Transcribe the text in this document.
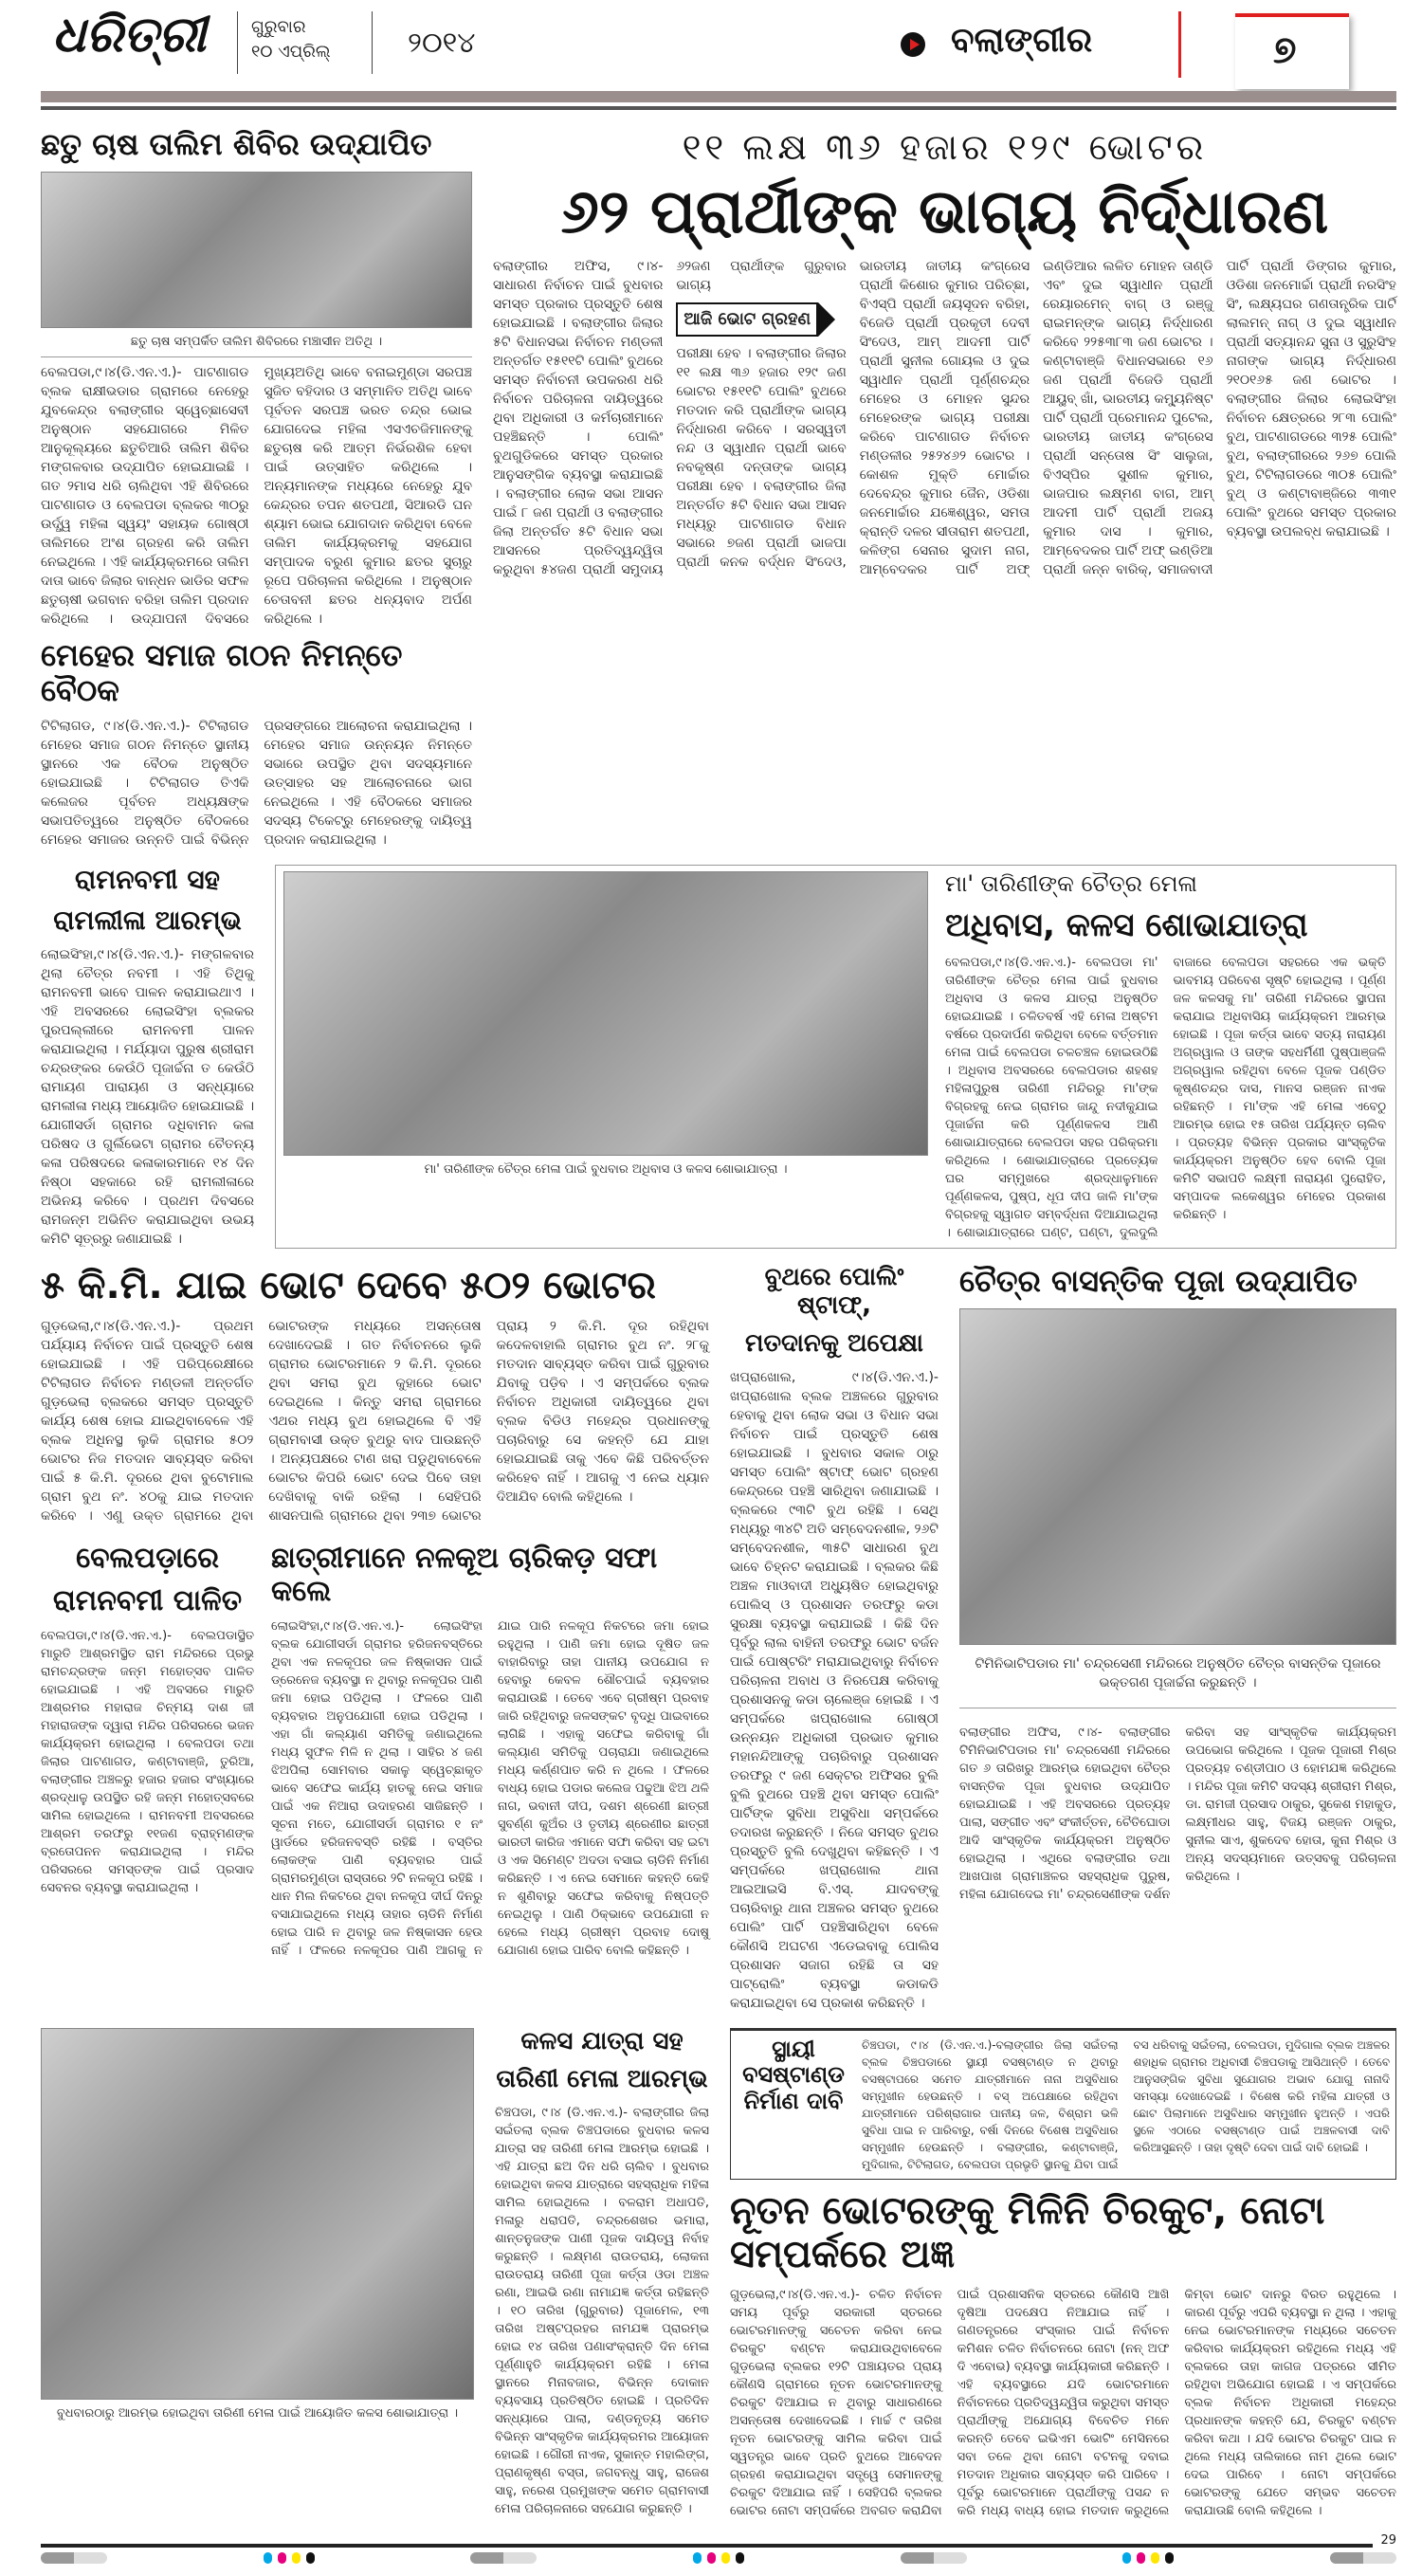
ଧରିତ୍ରୀ	ଗୁରୁବାର
୧୦ ଏପ୍ରିଲ୍	୨୦୧୪	ବଲାଙ୍ଗୀର	୭
ଛତୁ ଚାଷ ତାଲିମ ଶିବିର ଉଦ୍‌ଯାପିତ
ଛତୁ ଚାଷ ସମ୍ପର୍କିତ ତାଲିମ ଶିବିରରେ ମଞ୍ଚାସୀନ ଅତିଥି ।
ବେଲପଡା,୯।୪(ଡି.ଏନ.ଏ.)- ପାଟଣାଗଡ ବ୍ଲକ ରାକ୍ଷୀଭଡାର ଗ୍ରାମରେ ନେହେରୁ ଯୁବକେନ୍ଦ୍ର ବଲାଙ୍ଗୀର ସ୍ୱେଚ୍ଛାସେବୀ ଅନୁଷ୍ଠାନ ସହଯୋଗରେ ମିଳିତ ଆନୁକୂଲ୍ୟରେ ଛତୁଚିଆରି ତାଲିମ ଶିବିର ମଙ୍ଗଳବାର ଉଦ୍‌ଯାପିତ ହୋଇଯାଇଛି । ଗତ ୨ମାସ ଧରି ଚାଲିଥିବା ଏହି ଶିବିରରେ ପାଟଣାଗଡ ଓ ବେଲପଡା ବ୍ଲକର ୩୦ରୁ ଉର୍ଦ୍ଧ୍ୱ ମହିଳା ସ୍ୱୟଂ ସହାୟକ ଗୋଷ୍ଠୀ ତାଲିମରେ ଅଂଶ ଗ୍ରହଣ କରି ତାଲିମ ନେଇଥିଲେ । ଏହି କାର୍ଯ୍ୟକ୍ରମରେ ତାଲିମ ଦାତା ଭାବେ ଜିଲାର ବାନ୍ଧନ ଭାଡିର ସଫଳ ଛତୁଚାଷୀ ଭଗବାନ ବରିହା ତାଲିମ ପ୍ରଦାନ କରିଥିଲେ । ଉଦ୍‌ଯାପନୀ ଦିବସରେ ମୁଖ୍ୟଅତିଥି ଭାବେ ବନାଇମୁଣ୍ଡା ସରପଞ୍ଚ ସୁଜିତ ବହିଦାର ଓ ସମ୍ମାନିତ ଅତିଥି ଭାବେ ପୂର୍ବତନ ସରପଞ୍ଚ ଭରତ ଚନ୍ଦ୍ର ଭୋଇ ଯୋଗଦେଇ ମହିଳା ଏସଏଚଜିମାନଙ୍କୁ ଛତୁଚାଷ କରି ଆତ୍ମ ନିର୍ଭରଶିଳ ହେବା ପାଇଁ ଉତ୍ସାହିତ କରିଥିଲେ । ଅନ୍ୟମାନଙ୍କ ମଧ୍ୟରେ ନେହେରୁ ଯୁବ କେନ୍ଦ୍ରର ତପନ ଶତପଥୀ, ସିଆରଡି ଘନ ଶ୍ୟାମ ଭୋଇ ଯୋଗଦାନ କରିଥିବା ବେଳେ ତାଲିମ କାର୍ଯ୍ୟକ୍ରମକୁ ସହଯୋଗ ସମ୍ପାଦକ ବରୁଣ କୁମାର ଛତର ସୁଚାରୁ ରୂପେ ପରିଚାଳନା କରିଥିଲେ । ଅନୁଷ୍ଠାନ ଚେତାବନୀ ଛତର ଧନ୍ୟବାଦ ଅର୍ପଣ କରିଥିଲେ ।
ମେହେର ସମାଜ ଗଠନ ନିମନ୍ତେ ବୈଠକ
ଟିଟିଲାଗଡ, ୯।୪(ଡି.ଏନ.ଏ.)- ଟିଟିଲାଗଡ ମେହେର ସମାଜ ଗଠନ ନିମନ୍ତେ ସ୍ଥାନୀୟ ସ୍ଥାନରେ ଏକ ବୈଠକ ଅନୁଷ୍ଠିତ ହୋଇଯାଇଛି । ଟିଟିଲାଗଡ ତିଏକି କଲେଜର ପୂର୍ବତନ ଅଧ୍ୟକ୍ଷଙ୍କ ସଭାପତିତ୍ୱରେ ଅନୁଷ୍ଠିତ ବୈଠକରେ ମେହେର ସମାଜର ଉନ୍ନତି ପାଇଁ ବିଭିନ୍ନ ପ୍ରସଙ୍ଗରେ ଆଲୋଚନା କରାଯାଇଥିଲା । ମେହେର ସମାଜ ଉନ୍ନୟନ ନିମନ୍ତେ ସଭାରେ ଉପସ୍ଥିତ ଥିବା ସଦସ୍ୟମାନେ ଉତ୍ସାହର ସହ ଆଲୋଚନାରେ ଭାଗ ନେଇଥିଲେ । ଏହି ବୈଠକରେ ସମାଜର ସଦସ୍ୟ ଟିକେଟ୍ରୁ ମେହେରଙ୍କୁ ଦାୟିତ୍ୱ ପ୍ରଦାନ କରାଯାଇଥିଲା ।
୧୧ ଲକ୍ଷ ୩୬ ହଜାର ୧୨୯ ଭୋଟର
୬୨ ପ୍ରାର୍ଥୀଙ୍କ ଭାଗ୍ୟ ନିର୍ଦ୍ଧାରଣ
ବଲାଙ୍ଗୀର ଅଫିସ, ୯।୪- ସାଧାରଣ ନିର୍ବାଚନ ପାଇଁ ବୁଧବାର ସମସ୍ତ ପ୍ରକାର ପ୍ରସ୍ତୁତି ଶେଷ ହୋଇଯାଇଛି । ବଲାଙ୍ଗୀର ଜିଲାର ୫ଟି ବିଧାନସଭା ନିର୍ବାଚନ ମଣ୍ଡଳୀ ଅନ୍ତର୍ଗତ ୧୫୧୧ଟି ପୋଲିଂ ବୁଥରେ ସମସ୍ତ ନିର୍ବାଚନୀ ଉପକରଣ ଧରି ନିର୍ବାଚନ ପରିଚାଳନା ଦାୟିତ୍ୱରେ ଥିବା ଅଧିକାରୀ ଓ କର୍ମଚାରୀମାନେ ପହଞ୍ଚିଛନ୍ତି । ପୋଲିଂ ବୁଥଗୁଡିକରେ ସମସ୍ତ ପ୍ରକାର ଆନୁସଙ୍ଗିକ ବ୍ୟବସ୍ଥା କରାଯାଇଛି । ବଲାଙ୍ଗୀର ଲୋକ ସଭା ଆସନ ପାଇଁ ୮ ଜଣ ପ୍ରାର୍ଥୀ ଓ ବଲାଙ୍ଗୀର ଜିଲା ଅନ୍ତର୍ଗତ ୫ଟି ବିଧାନ ସଭା ଆସନରେ ପ୍ରତିଦ୍ୱନ୍ଦ୍ୱିତା କରୁଥିବା ୫୪ଜଣ ପ୍ରାର୍ଥୀ ସମୁଦାୟ ୬୨ଜଣ ପ୍ରାର୍ଥୀଙ୍କ ଗୁରୁବାର ଭାଗ୍ୟ
ଆଜି ଭୋଟ ଗ୍ରହଣ
ପରୀକ୍ଷା ହେବ । ବଲାଙ୍ଗୀର ଜିଲାର ୧୧ ଲକ୍ଷ ୩୬ ହଜାର ୧୨୯ ଜଣ ଭୋଟର ୧୫୧୧ଟି ପୋଲିଂ ବୁଥରେ ମତଦାନ କରି ପ୍ରାର୍ଥୀଙ୍କ ଭାଗ୍ୟ ନିର୍ଦ୍ଧାରଣ କରିବେ । ସରସ୍ୱତୀ ନନ୍ଦ ଓ ସ୍ୱାଧୀନ ପ୍ରାର୍ଥୀ ଭାବେ ନବକୃଷ୍ଣ ଦନ୍ତାଙ୍କ ଭାଗ୍ୟ ପରୀକ୍ଷା ହେବ । ବଲାଙ୍ଗୀର ଜିଲା ଅନ୍ତର୍ଗତ ୫ଟି ବିଧାନ ସଭା ଆସନ ମଧ୍ୟରୁ ପାଟଣାଗଡ ବିଧାନ ସଭାରେ ୭ଜଣ ପ୍ରାର୍ଥୀ ଭାଜପା ପ୍ରାର୍ଥୀ କନକ ବର୍ଦ୍ଧନ ସିଂଦେଓ, ଭାରତୀୟ ଜାତୀୟ କଂଗ୍ରେସ ପ୍ରାର୍ଥୀ କିଶୋର କୁମାର ପରିଚ୍ଛା, ବିଏସ୍‌ପି ପ୍ରାର୍ଥୀ ଜୟସୂଦନ ବରିହା, ବିଜେଡି ପ୍ରାର୍ଥୀ ପ୍ରକୃତୀ ଦେବୀ ସିଂଦେଓ, ଆମ୍ ଆଦମୀ ପାର୍ଟି ପ୍ରାର୍ଥୀ ସୁନୀଲ ଗୋୟଲ ଓ ଦୁଇ ସ୍ୱାଧୀନ ପ୍ରାର୍ଥୀ ପୂର୍ଣ୍ଣଚନ୍ଦ୍ର ମେହେର ଓ ମୋହନ ସୁନ୍ଦର ମେହେରଙ୍କ ଭାଗ୍ୟ ପରୀକ୍ଷା କରିବେ ପାଟଣାଗଡ ନିର୍ବାଚନ ମଣ୍ଡଳୀର ୨୫୨୪୬୨ ଭୋଟର । କୋଶଳ ମୁକ୍ତି ମୋର୍ଚ୍ଚାର ଦେବେନ୍ଦ୍ର କୁମାର ଜୈନ, ଓଡିଶା ଜନମୋର୍ଚ୍ଚାର ଯଜ୍ଞେଶ୍ୱର, ସମତା କ୍ରାନ୍ତି ଦଳର ସୀତାରାମ ଶତପଥୀ, କଳିଙ୍ଗ ସେନାର ସୁଦାମ ନାଗ, ଆମ୍ବେଦକର ପାର୍ଟି ଅଫ୍ ଇଣ୍ଡିଆର ଲଳିତ ମୋହନ ତାଣ୍ଡି ଏବଂ ଦୁଇ ସ୍ୱାଧୀନ ପ୍ରାର୍ଥୀ ରେୟାରମେନ୍ ବାଗ୍ ଓ ରଞ୍ଜୁ ରାଇମନ୍‌ଙ୍କ ଭାଗ୍ୟ ନିର୍ଦ୍ଧାରଣ କରିବେ ୨୨୫୩୮୩ ଜଣ ଭୋଟର । କଣ୍ଟାବାଞ୍ଜି ବିଧାନସଭାରେ ୧୬ ଜଣ ପ୍ରାର୍ଥୀ ବିଜେଡି ପ୍ରାର୍ଥୀ ଆୟୁବ୍ ଖାଁ, ଭାରତୀୟ କମ୍ୟୁନିଷ୍ଟ ପାର୍ଟି ପ୍ରାର୍ଥୀ ପ୍ରେମାନନ୍ଦ ପୁଟେଲ, ଭାରତୀୟ ଜାତୀୟ କଂଗ୍ରେସ ପ୍ରାର୍ଥୀ ସନ୍ତୋଷ ସିଂ ସାଲୁଜା, ବିଏସ୍‌ପିର ସୁଶୀଳ କୁମାର, ଭାଜପାର ଲକ୍ଷ୍ମଣ ବାଗ, ଆମ୍ ଆଦମୀ ପାର୍ଟି ପ୍ରାର୍ଥୀ ଅଜୟ କୁମାର ଦାସ । କୁମାର, ଆମ୍ବେଦକର ପାର୍ଟି ଅଫ୍ ଇଣ୍ଡିଆ ପ୍ରାର୍ଥୀ ଜନ୍ନ ବାରିକ୍, ସମାଜବାଦୀ ପାର୍ଟି ପ୍ରାର୍ଥୀ ଡିଙ୍ଗର କୁମାର, ଓଡିଶା ଜନମୋର୍ଚ୍ଚା ପ୍ରାର୍ଥୀ ନରସିଂହ ସିଂ, ଲକ୍ଷ୍ୟଘର ଗଣତାନ୍ତ୍ରିକ ପାର୍ଟି ଲାଲମନ୍ ନାଗ୍ ଓ ଦୁଇ ସ୍ୱାଧୀନ ପ୍ରାର୍ଥୀ ସତ୍ୟାନନ୍ଦ ସୁନା ଓ ସୁରୁସିଂହ ନାଗଙ୍କ ଭାଗ୍ୟ ନିର୍ଦ୍ଧାରଣ ୨୧୦୧୬୫ ଜଣ ଭୋଟର । ବଲାଙ୍ଗୀର ଜିଲାର ଲୋଇସିଂହା ନିର୍ବାଚନ କ୍ଷେତ୍ରରେ ୨୮୩ ପୋଲିଂ ବୁଥ, ପାଟଣାଗଡରେ ୩୨୫ ପୋଲିଂ ବୁଥ, ବଲାଙ୍ଗୀରରେ ୨୬୭ ପୋଲି ବୁଥ, ଟିଟିଲାଗଡରେ ୩୦୫ ପୋଲିଂ ବୁଥ୍ ଓ କଣ୍ଟାବାଞ୍ଜିରେ ୩୩୧ ପୋଲିଂ ବୁଥରେ ସମସ୍ତ ପ୍ରକାର ବ୍ୟବସ୍ଥା ଉପଲବ୍ଧ କରାଯାଇଛି ।
ରାମନବମୀ ସହ
ରାମଲୀଳା ଆରମ୍ଭ
ଲୋଇସିଂହା,୯।୪(ଡି.ଏନ.ଏ.)- ମଙ୍ଗଳବାର ଥିଲା ଚୈତ୍ର ନବମୀ । ଏହି ତିଥିକୁ ରାମନବମୀ ଭାବେ ପାଳନ କରାଯାଇଥାଏ । ଏହି ଅବସରରେ ଲୋଇସିଂହା ବ୍ଲକର ପୁରପଲ୍ଲୀରେ ରାମନବମୀ ପାଳନ କରାଯାଇଥିଲା । ମର୍ଯ୍ୟାଦା ପୁରୁଷ ଶ୍ରୀରାମ ଚନ୍ଦ୍ରଙ୍କର କେଉଁଠି ପୂଜାର୍ଚ୍ଚନା ତ କେଉଁଠି ରାମାୟଣ ପାରାୟଣ ଓ ସନ୍ଧ୍ୟାରେ ରାମଲୀଳା ମଧ୍ୟ ଆୟୋଜିତ ହୋଇଯାଇଛି । ଯୋଗୀସର୍ଡା ଗ୍ରାମର ଦଧିବାମନ କଳା ପରିଷଦ ଓ ଗୁର୍ଲିଭେଟା ଗ୍ରାମର ଚୈତନ୍ୟ କଳା ପରିଷଦରେ କଳାକାରମାନେ ୧୪ ଦିନ ନିଷ୍ଠା ସହକାରେ ରହି ରାମଲୀଳାରେ ଅଭିନୟ କରିବେ । ପ୍ରଥମ ଦିବସରେ ରାମଜନ୍ମ ଅଭିନିତ କରାଯାଇଥିବା ଉଭୟ କମିଟି ସୂତ୍ରରୁ ଜଣାଯାଇଛି ।
ମା' ତାରିଣୀଙ୍କ ଚୈତ୍ର ମେଳା ପାଇଁ ବୁଧବାର ଅଧିବାସ ଓ କଳସ ଶୋଭାଯାତ୍ରା ।
ମା' ତାରିଣୀଙ୍କ ଚୈତ୍ର ମେଳା
ଅଧିବାସ, କଳସ ଶୋଭାଯାତ୍ରା
ବେଲପଡା,୯।୪(ଡି.ଏନ.ଏ.)- ବେଲପଡା ମା' ତାରିଣୀଙ୍କ ଚୈତ୍ର ମେଳା ପାଇଁ ବୁଧବାର ଅଧିବାସ ଓ କଳସ ଯାତ୍ରା ଅନୁଷ୍ଠିତ ହୋଇଯାଇଛି । ଚଳିତବର୍ଷ ଏହି ମେଳା ଅଷ୍ଟମ ବର୍ଷରେ ପ୍ରଦାର୍ପଣ କରିଥିବା ବେଳେ ବର୍ତ୍ତମାନ ମେଳା ପାଇଁ ବେଲପଡା ଚଳଚଞ୍ଚଳ ହୋଇଉଠିଛି । ଅଧିବାସ ଅବସରରେ ବେଲପଡାର ଶହଶହ ମହିଳାପୁରୁଷ ତାରିଣୀ ମନ୍ଦିରରୁ ମା'ଙ୍କ ବିଗ୍ରହକୁ ନେଇ ଗ୍ରାମର ଜାନ୍ଦୁ ନଦୀକୁଯାଇ ପୂଜାର୍ଚ୍ଚନା କରି ପୂର୍ଣ୍ଣକଳସ ଆଣି ଶୋଭାଯାତ୍ରାରେ ବେଲପଡା ସହର ପରିକ୍ରମା କରିଥିଲେ । ଶୋଭାଯାତ୍ରାରେ ପ୍ରତ୍ୟେକ ଘର ସମ୍ମୁଖରେ ଶ୍ରଦ୍ଧାଳୁମାନେ ପୂର୍ଣ୍ଣକଳସ, ପୁଷ୍ପ, ଧୂପ ଦୀପ ଜାଳି ମା'ଙ୍କ ବିଗ୍ରହକୁ ସ୍ୱାଗତ ସମ୍ବର୍ଦ୍ଧନା ଦିଆଯାଇଥିଲା । ଶୋଭାଯାତ୍ରାରେ ଘଣ୍ଟ, ଘଣ୍ଟା, ଦୁଲଦୁଲି ବାଜାରେ ବେଲପଡା ସହରରେ ଏକ ଭକ୍ତି ଭାବମୟ ପରିବେଶ ସୃଷ୍ଟି ହୋଇଥିଲା । ପୂର୍ଣ୍ଣ ଜଳ କଳସକୁ ମା' ତାରିଣୀ ମନ୍ଦିରରେ ସ୍ଥାପନା କରାଯାଇ ଅଧିବାସିୟ କାର୍ଯ୍ୟକ୍ରମ ଆରମ୍ଭ ହୋଇଛି । ପୂଜା କର୍ତ୍ତା ଭାବେ ସତ୍ୟ ନାରାୟଣ ଅଗ୍ରୱାଲ ଓ ତାଙ୍କ ସହଧର୍ମିଣୀ ପୁଷ୍ପାଞ୍ଜଳି ଅଗ୍ରୱାଲ ରହିଥିବା ବେଳେ ପୂଜକ ପଣ୍ଡିତ କୃଷ୍ଣଚନ୍ଦ୍ର ଦାସ, ମାନସ ରଞ୍ଜନ ନାଏକ ରହିଛନ୍ତି । ମା'ଙ୍କ ଏହି ମେଳା ଏବେଠୁ ଆରମ୍ଭ ହୋଇ ୧୫ ତାରିଖ ପର୍ଯ୍ୟନ୍ତ ଚାଲିବ । ପ୍ରତ୍ୟହ ବିଭିନ୍ନ ପ୍ରକାର ସାଂସ୍କୃତିକ କାର୍ଯ୍ୟକ୍ରମ ଅନୁଷ୍ଠିତ ହେବ ବୋଲି ପୂଜା କମିଟି ସଭାପତି ଲକ୍ଷ୍ମୀ ନାରାୟଣ ପୁରୋହିତ, ସମ୍ପାଦକ ଲକେଶ୍ୱର ମେହେର ପ୍ରକାଶ କରିଛନ୍ତି ।
୫ କି.ମି. ଯାଇ ଭୋଟ ଦେବେ ୫୦୨ ଭୋଟର
ଗୁଡ଼ଭେଲା,୯।୪(ଡି.ଏନ.ଏ.)- ପ୍ରଥମ ପର୍ଯ୍ୟାୟ ନିର୍ବାଚନ ପାଇଁ ପ୍ରସ୍ତୁତି ଶେଷ ହୋଇଯାଇଛି । ଏହି ପରିପ୍ରେକ୍ଷୀରେ ଟିଟିଲାଗଡ ନିର୍ବାଚନ ମଣ୍ଡଳୀ ଅନ୍ତର୍ଗତ ଗୁଡ଼ଭେଲା ବ୍ଲକରେ ସମସ୍ତ ପ୍ରସ୍ତୁତି କାର୍ଯ୍ୟ ଶେଷ ହୋଇ ଯାଇଥିବାବେଳେ ଏହି ବ୍ଲକ ଅଧିନସ୍ଥ ଲୁକି ଗ୍ରାମର ୫୦୨ ଭୋଟର ନିଜ ମତଦାନ ସାବ୍ୟସ୍ତ କରିବା ପାଇଁ ୫ କି.ମି. ଦୂରରେ ଥିବା ବୁଟୋମାଲ ଗ୍ରାମ ବୁଥ ନଂ. ୪୦କୁ ଯାଇ ମତଦାନ କରିବେ । ଏଣୁ ଉକ୍ତ ଗ୍ରାମରେ ଥିବା ଭୋଟରଙ୍କ ମଧ୍ୟରେ ଅସନ୍ତୋଷ ଦେଖାଦେଇଛି । ଗତ ନିର୍ବାଚନରେ ଲୁକି ଗ୍ରାମର ଭୋଟରମାନେ ୨ କି.ମି. ଦୂରରେ ଥିବା ସମରା ବୁଥ କୁହାରେ ଭୋଟ ଦେଇଥିଲେ । କିନ୍ତୁ ସମରା ଗ୍ରାମରେ ଏଥର ମଧ୍ୟ ବୁଥ ହୋଇଥିଲେ ବି ଏହି ଗ୍ରାମବାସୀ ଉକ୍ତ ବୁଥରୁ ବାଦ ପାଉଛନ୍ତି । ଅନ୍ୟପକ୍ଷରେ ଟାଣ ଖରା ପଡୁଥିବାବେଳେ ଭୋଟର କିପରି ଭୋଟ ଦେଇ ପିବେ ତାହା ଦେଖିବାକୁ ବାକି ରହିଲା । ସେହିପରି ଶାସନପାଲି ଗ୍ରାମରେ ଥିବା ୨୩୭ ଭୋଟର ପ୍ରାୟ ୨ କି.ମି. ଦୂର ରହିଥିବା କଦେଳବାହାଲି ଗ୍ରାମର ବୁଥ ନଂ. ୨୮କୁ ମତଦାନ ସାବ୍ୟସ୍ତ କରିବା ପାଇଁ ଗୁରୁବାର ଯିବାକୁ ପଡ଼ିବ । ଏ ସମ୍ପର୍କରେ ବ୍ଲକ ନିର୍ବାଚନ ଅଧିକାରୀ ଦାୟିତ୍ୱରେ ଥିବା ବ୍ଲକ ବିଡିଓ ମହେନ୍ଦ୍ର ପ୍ରଧାନଙ୍କୁ ପଚାରିବାରୁ ସେ କହନ୍ତି ଯେ ଯାହା ହୋଇଯାଇଛି ତାକୁ ଏବେ କିଛି ପରିବର୍ତ୍ତନ କରିହେବ ନାହିଁ । ଆଗକୁ ଏ ନେଇ ଧ୍ୟାନ ଦିଆଯିବ ବୋଲି କହିଥିଲେ ।
ବେଲପଡ଼ାରେ
ରାମନବମୀ ପାଳିତ
ବେଲପଡା,୯।୪(ଡି.ଏନ.ଏ.)- ବେଲପଡାସ୍ଥିତ ମାରୁତି ଆଶ୍ରମସ୍ଥିତ ରାମ ମନ୍ଦିରରେ ପ୍ରଭୁ ରାମଚନ୍ଦ୍ରଙ୍କ ଜନ୍ମ ମହୋତ୍ସବ ପାଳିତ ହୋଇଯାଇଛି । ଏହି ଅବସରେ ମାରୁତି ଆଶ୍ରମର ମହାରାଜ ଚିନ୍ମୟ ଦାଶ ଜୀ ମହାରାଜଙ୍କ ଦ୍ୱାରା ମନ୍ଦିର ପରିସରରେ ଭଜନ କାର୍ଯ୍ୟକ୍ରମ ହୋଇଥିଲା । ବେଲପଡା ତଥା ଜିଲାର ପାଟଣାଗଡ, କଣ୍ଟାବାଞ୍ଜି, ତୁରିଆ, ବଲାଙ୍ଗୀର ଅଞ୍ଚଳରୁ ହଜାର ହଜାର ସଂଖ୍ୟାରେ ଶ୍ରଦ୍ଧାଳୁ ଉପସ୍ଥିତ ରହି ଜନ୍ମ ମହୋତ୍ସବରେ ସାମିଲ ହୋଇଥିଲେ । ରାମନବମୀ ଅବସରରେ ଆଶ୍ରମ ତରଫରୁ ୧୧ଜଣ ବ୍ରାହ୍ମଣଙ୍କ ବ୍ରତୋପନନ କରାଯାଇଥିଲା । ମନ୍ଦିର ପରିସରରେ ସମସ୍ତଙ୍କ ପାଇଁ ପ୍ରସାଦ ସେବନର ବ୍ୟବସ୍ଥା କରାଯାଇଥିଲା ।
ଛାତ୍ରୀମାନେ ନଳକୂଅ ଚାରିକଡ଼ ସଫା କଲେ
ଲୋଇସିଂହା,୯।୪(ଡି.ଏନ.ଏ.)- ଲୋଇସିଂହା ବ୍ଲକ ଯୋଗୀସର୍ଡା ଗ୍ରାମର ହରିଜନବସ୍ତିରେ ଥିବା ଏକ ନଳକୂପର ଜଳ ନିଷ୍କାସନ ପାଇଁ ଡ୍ରେନେଜ ବ୍ୟବସ୍ଥା ନ ଥିବାରୁ ନଳକୂପର ପାଣି ଜମା ହୋଇ ପଡିଥିଲା । ଫଳରେ ପାଣି ବ୍ୟବହାର ଅନୁପଯୋଗୀ ହୋଇ ପଡିଥିଲା । ଏହା ଗାଁ କଲ୍ୟାଣ ସମିତିକୁ ଜଣାଇଥିଲେ ମଧ୍ୟ ସୁଫଳ ମିଳି ନ ଥିଲା । ସାହିର ୪ ଜଣ ଝିଅପିଲା ସୋମବାର ସକାଳୁ ସ୍ୱେଚ୍ଛାକୃତ ଭାବେ ସଫେଇ କାର୍ଯ୍ୟ ହାତକୁ ନେଇ ସମାଜ ପାଇଁ ଏକ ନିଆରା ଉଦାହରଣ ସାଜିଛନ୍ତି । ସୂଚନା ମତେ, ଯୋଗୀସର୍ଡା ଗ୍ରାମର ୧ ନଂ ୱାର୍ଡରେ ହରିଜନବସ୍ତି ରହିଛି । ବସ୍ତିର ଲୋକଙ୍କ ପାଣି ବ୍ୟବହାର ପାଇଁ ଗ୍ରାମରମୁଣ୍ଡା ରାସ୍ତାରେ ୨ଟି ନଳକୂପ ରହିଛି । ଧାନ ମିଲ ନିକଟରେ ଥିବା ନଳକୂପ ଦୀର୍ଘ ଦିନରୁ ବସାଯାଇଥିଲେ ମଧ୍ୟ ତାହାର ଚାଡିନି ନିର୍ମାଣ ହୋଇ ପାରି ନ ଥିବାରୁ ଜଳ ନିଷ୍କାସନ ହେଉ ନାହିଁ । ଫଳରେ ନଳକୂପର ପାଣି ଆଗକୁ ନ ଯାଇ ପାରି ନଳକୂପ ନିକଟରେ ଜମା ହୋଇ ରହୁଥିଲା । ପାଣି ଜମା ହୋଇ ଦୂଷିତ ଜଳ ବାହାରିବାରୁ ତାହା ପାନୀୟ ଉପଯୋଗ ନ ହେବାରୁ କେବଳ ଶୌଚପାଇଁ ବ୍ୟବହାର କରାଯାଉଛି । ତେବେ ଏବେ ଗ୍ରୀଷ୍ମ ପ୍ରବାହ ଜାରି ରହିଥିବାରୁ ଜଳସଙ୍କଟ ବୃଦ୍ଧି ପାଇବାରେ ଲାଗିଛି । ଏହାକୁ ସଫେଇ କରିବାକୁ ଗାଁ କଲ୍ୟାଣ ସମିତିକୁ ପଚାରାଯା ଜଣାଇଥିଲେ ମଧ୍ୟ କର୍ଣ୍ଣପାତ କରି ନ ଥିଲେ । ଫଳରେ ବାଧ୍ୟ ହୋଇ ପଡାର କଲେଜ ପଢୁଆ ଝିଅ ଥଳି ନାଗ, ଭବାନୀ ଦୀପ, ଦଶମ ଶ୍ରେଣୀ ଛାତ୍ରୀ ସୁବର୍ଣ୍ଣ କୁଅଁର ଓ ତୃତୀୟ ଶ୍ରେଣୀର ଛାତ୍ରୀ ଭାରତୀ କାରିଜ ଏମାନେ ସଫା କରିବା ସହ ଇଟା ଓ ଏକ ସିମେଣ୍ଟ ଅଦଡା ବସାଇ ଚାଡିନି ନିର୍ମାଣ କରିଛନ୍ତି । ଏ ନେଇ ସେମାନେ କହନ୍ତି କେହି ନ ଶୁଣିବାରୁ ସଫେଇ କରିବାକୁ ନିଷ୍ପତ୍ତି ନେଇଥିଲୁ । ପାଣି ଠିକ୍‌ଭାବେ ଉପଯୋଗୀ ନ ହେଲେ ମଧ୍ୟ ଗ୍ରୀଷ୍ମ ପ୍ରବାହ ଦୋଷୁ ଯୋଗାଣ ହୋଇ ପାରିବ ବୋଲି କହିଛନ୍ତି ।
ବୁଥରେ ପୋଲିଂ ଷ୍ଟାଫ୍,
ମତଦାନକୁ ଅପେକ୍ଷା
ଖପ୍ରାଖୋଲ, ୯।୪(ଡି.ଏନ.ଏ.)- ଖପ୍ରାଖୋଲ ବ୍ଲକ ଅଞ୍ଚଳରେ ଗୁରୁବାର ହେବାକୁ ଥିବା ଲୋକ ସଭା ଓ ବିଧାନ ସଭା ନିର୍ବାଚନ ପାଇଁ ପ୍ରସ୍ତୁତି ଶେଷ ହୋଇଯାଇଛି । ବୁଧବାର ସକାଳ ଠାରୁ ସମସ୍ତ ପୋଲିଂ ଷ୍ଟାଫ୍ ଭୋଟ ଗ୍ରହଣ କେନ୍ଦ୍ରରେ ପହଞ୍ଚି ସାରିଥିବା ଜଣାଯାଇଛି । ବ୍ଲକରେ ୯୩ଟି ବୁଥ ରହିଛି । ସେଥି ମଧ୍ୟରୁ ୩୪ଟି ଅତି ସମ୍ବେଦନଶୀଳ, ୨୬ଟି ସମ୍ବେଦନଶୀଳ, ୩୫ଟି ସାଧାରଣ ବୁଥ ଭାବେ ଚିହ୍ନଟ କରାଯାଇଛି । ବ୍ଲକର କିଛି ଅଞ୍ଚଳ ମାଓବାଦୀ ଅଧ୍ୟୁଷିତ ହୋଇଥିବାରୁ ପୋଲିସ୍ ଓ ପ୍ରଶାସନ ତରଫରୁ କଡା ସୁରକ୍ଷା ବ୍ୟବସ୍ଥା କରାଯାଇଛି । କିଛି ଦିନ ପୂର୍ବରୁ ଲାଲ ବାହିନୀ ତରଫରୁ ଭୋଟ ବର୍ଜନ ପାଇଁ ପୋଷ୍ଟରିଂ ମରାଯାଇଥିବାରୁ ନିର୍ବାଚନ ପରିଚାଳନା ଅବାଧ ଓ ନିରପେକ୍ଷ କରିବାକୁ ପ୍ରଶାସନକୁ କଡା ଚାଲେଞ୍ଜ ହୋଇଛି । ଏ ସମ୍ପର୍କରେ ଖପ୍ରାଖୋଲ ଗୋଷ୍ଠୀ ଉନ୍ନୟନ ଅଧିକାରୀ ପ୍ରଭାତ କୁମାର ମହାନନ୍ଦିଆଙ୍କୁ ପଚାରିବାରୁ ପ୍ରଶାସନ ତରଫରୁ ୯ ଜଣ ସେକ୍ଟର ଅଫିସର ବୁଲି ବୁଲି ବୁଥରେ ପହଞ୍ଚି ଥିବା ସମସ୍ତ ପୋଲିଂ ପାର୍ଟିଙ୍କ ସୁବିଧା ଅସୁବିଧା ସମ୍ପର୍କରେ ତଦାରଖ କରୁଛନ୍ତି । ନିଜେ ସମସ୍ତ ବୁଥର ପ୍ରସ୍ତୁତି ବୁଲି ଦେଖୁଥିବା କହିଛନ୍ତି । ଏ ସମ୍ପର୍କରେ ଖପ୍ରାଖୋଲ ଥାନା ଆଇଆଇସି ବି.ଏସ୍. ଯାଦବଙ୍କୁ ପଚାରିବାରୁ ଥାନା ଅଞ୍ଚଳର ସମସ୍ତ ବୁଥରେ ପୋଲିଂ ପାର୍ଟି ପହଞ୍ଚିସାରିଥିବା ବେଳେ କୌଣସି ଅଘଟଣ ଏଡେଇବାକୁ ପୋଲିସ ପ୍ରଶାସନ ସଜାଗ ରହିଛି ତା ସହ ପାଟ୍ରୋଲିଂ ବ୍ୟବସ୍ଥା କଡାକଡି କରାଯାଇଥିବା ସେ ପ୍ରକାଶ କରିଛନ୍ତି ।
ଚୈତ୍ର ବାସନ୍ତିକ ପୂଜା ଉଦ୍‌ଯାପିତ
ଟିମିନିଭାଟିପଡାର ମା' ଚନ୍ଦ୍ରସେଣୀ ମନ୍ଦିରରେ ଅନୁଷ୍ଠିତ ଚୈତ୍ର ବାସନ୍ତିକ ପୂଜାରେ ଭକ୍ତଗଣ ପୂଜାର୍ଚ୍ଚନା କରୁଛନ୍ତି ।
ବଲାଙ୍ଗୀର ଅଫିସ, ୯।୪- ବଲାଙ୍ଗୀର ଟିମିନିଭାଟିପଡାର ମା' ଚନ୍ଦ୍ରସେଣୀ ମନ୍ଦିରରେ ଗତ ୬ ତାରିଖରୁ ଆରମ୍ଭ ହୋଇଥିବା ଚୈତ୍ର ବାସନ୍ତିକ ପୂଜା ବୁଧବାର ଉଦ୍‌ଯାପିତ ହୋଇଯାଇଛି । ଏହି ଅବସରରେ ପ୍ରତ୍ୟହ ପାଲା, ସଙ୍ଗୀତ ଏବଂ ସଂକୀର୍ତ୍ତନ, ଚୈତିଘୋଡା ଆଦି ସାଂସ୍କୃତିକ କାର୍ଯ୍ୟକ୍ରମ ଅନୁଷ୍ଠିତ ହୋଇଥିଲା । ଏଥିରେ ବଲାଙ୍ଗୀର ତଥା ଆଖପାଖ ଗ୍ରାମାଞ୍ଚଳର ସହସ୍ରାଧିକ ପୁରୁଷ, ମହିଳା ଯୋଗଦେଇ ମା' ଚନ୍ଦ୍ରସେଣୀଙ୍କ ଦର୍ଶନ କରିବା ସହ ସାଂସ୍କୃତିକ କାର୍ଯ୍ୟକ୍ରମ ଉପଭୋଗ କରିଥିଲେ । ପୂଜକ ପୂଜାରୀ ମିଶ୍ର ପ୍ରତ୍ୟହ ଚଣ୍ଡୀପାଠ ଓ ହୋମଯଜ୍ଞ କରିଥିଲେ । ମନ୍ଦିର ପୂଜା କମିଟି ସଦସ୍ୟ ଶ୍ରୀରାମ ମିଶ୍ର, ଡା. ରାମଜୀ ପ୍ରସାଦ ଠାକୁର, ସୁକେଶ ମହାକୁଡ, ଲକ୍ଷ୍ମୀଧର ସାହୁ, ବିଜୟ ରଞ୍ଜନ ଠାକୁର, ସୁନୀଲ ସାଏ, ଶୁକଦେବ ହୋତା, କୁନା ମିଶ୍ର ଓ ଅନ୍ୟ ସଦସ୍ୟମାନେ ଉତ୍ସବକୁ ପରିଚାଳନା କରିଥିଲେ ।
ବୁଧବାରଠାରୁ ଆରମ୍ଭ ହୋଇଥିବା ତାରିଣୀ ମେଳା ପାଇଁ ଆୟୋଜିତ କଳସ ଶୋଭାଯାତ୍ରା ।
କଳସ ଯାତ୍ରା ସହ
ତାରିଣୀ ମେଳା ଆରମ୍ଭ
ଚିଞ୍ଚପଡା, ୯।୪ (ଡି.ଏନ.ଏ.)- ବଲାଙ୍ଗୀର ଜିଲା ସଇଁତଲା ବ୍ଲକ ଚିଞ୍ଚପଡାରେ ବୁଧବାର କଳସ ଯାତ୍ରା ସହ ତାରିଣୀ ମେଳା ଆରମ୍ଭ ହୋଇଛି । ଏହି ଯାତ୍ରା ଛଅ ଦିନ ଧରି ଚାଲିବ । ବୁଧବାର ହୋଇଥିବା କଳସ ଯାତ୍ରାରେ ସହସ୍ରାଧିକ ମହିଳା ସାମିଲ ହୋଇଥିଲେ । ବଳରାମ ଅଧାପତି, ମଳାରୁ ଧରାପତି, ଚନ୍ଦ୍ରଶେଖର ଭମାରା, ଶାନ୍ତନୁଜଙ୍କ ପାଣୀ ପୂଜକ ଦାୟିତ୍ୱ ନିର୍ବାହ କରୁଛନ୍ତି । ଲକ୍ଷ୍ମଣ ରାଉତରାୟ, ଲୋକନା ରାଉତରାୟ ତାରିଣୀ ପୂଜା କର୍ତ୍ତା ଓଡା ଅଞ୍ଚଳ ରଣା, ଆଇଭି ରଣା ନାମାଯଜ୍ଞ କର୍ତ୍ତା ରହିଛନ୍ତି । ୧୦ ତାରିଖ (ଗୁରୁବାର) ପୂଜାମେଳ, ୧୩ ତାରିଖ ଅଷ୍ଟପ୍ରହର ନାମଯଜ୍ଞ ପ୍ରାରମ୍ଭ ହୋଇ ୧୪ ତାରିଖ ପଣାସଂକ୍ରାନ୍ତି ଦିନ ମେଳା ପୂର୍ଣ୍ଣାହୁତି କାର୍ଯ୍ୟକ୍ରମ ରହିଛି । ମେଳା ସ୍ଥାନରେ ମିନାବଜାର, ବିଭିନ୍ନ ଦୋକାନ ବ୍ୟବସାୟ ପ୍ରତିଷ୍ଠିତ ହୋଇଛି । ପ୍ରତିଦିନ ସନ୍ଧ୍ୟାରେ ପାଲା, ଦଣ୍ଡନୃତ୍ୟ ସମେତ ବିଭିନ୍ନ ସାଂସ୍କୃତିକ କାର୍ଯ୍ୟକ୍ରମର ଆୟୋଜନ ହୋଇଛି । ଗୌରୀ ନାଏକ, ସୁକାନ୍ତ ମହାଲିଙ୍ଗ, ପ୍ରାଣକୃଷ୍ଣ ବସ୍ତା, ଜଗବନ୍ଧୁ ସାହୁ, ରାଜେଶ ସାହୁ, ନରେଶ ପ୍ରମୁଖଙ୍କ ସମେତ ଗ୍ରାମବାସୀ ମେଳା ପରିଚାଳନାରେ ସହଯୋଗ କରୁଛନ୍ତି ।
ସ୍ଥାୟୀ
ବସଷ୍ଟାଣ୍ଡ
ନିର୍ମାଣ ଦାବି
ଚିଞ୍ଚପଡା, ୯।୪ (ଡି.ଏନ.ଏ.)-ବଲାଙ୍ଗୀର ଜିଲା ସଇଁତଲା ବ୍ଲକ ଚିଞ୍ଚପଡାରେ ସ୍ଥାୟୀ ବସଷ୍ଟାଣ୍ଡ ନ ଥିବାରୁ ବସଷ୍ଟାପରେ ସମେତ ଯାତ୍ରୀମାନେ ନାନା ଅସୁବିଧାର ସମ୍ମୁଖୀନ ହେଉଛନ୍ତି । ବସ୍ ଅପେକ୍ଷାରେ ରହିଥିବା ଯାତ୍ରୀମାନେ ପରିଶ୍ରାଗାର ପାନୀୟ ଜଳ, ବିଶ୍ରାମ ଭଳି ସୁବିଧା ପାଇ ନ ପାରିବାରୁ, ବର୍ଷା ଦିନରେ ବିଶେଷ ଅସୁବିଧାର ସମ୍ମୁଖୀନ ହେଉଛନ୍ତି । ବଲାଙ୍ଗୀର, କଣ୍ଟାବାଞ୍ଜି, ମୁଦିଗାଲ, ଟିଟିଲାଗଡ, ବେଲପଡା ପ୍ରଭୃତି ସ୍ଥାନକୁ ଯିବା ପାଇଁ ବସ ଧରିବାକୁ ସଇଁତଲା, ବେଲପଡା, ମୁଦିଗାଲ ବ୍ଲକ ଅଞ୍ଚଳର ଶହାଧିକ ଗ୍ରାମର ଅଧିବାସୀ ଚିଞ୍ଚପଡାକୁ ଆସିଥାନ୍ତି । ତେବେ ଆନୁସଙ୍ଗିକ ସୁବିଧା ସୁଯୋଗର ଅଭାବ ଯୋଗୁ ନାନାଦି ସମସ୍ୟା ଦେଖାଦେଇଛି । ବିଶେଷ କରି ମହିଳା ଯାତ୍ରୀ ଓ ଛୋଟ ପିଲାମାନେ ଅସୁବିଧାର ସମ୍ମୁଖୀନ ହୁଅନ୍ତି । ଏପରି ସ୍ଥଳେ ଏଠାରେ ବସଷ୍ଟାଣ୍ଡ ପାଇଁ ଅଞ୍ଚଳବାସୀ ଦାବି କରିଆସୁଛନ୍ତି । ତାହା ଦୃଷ୍ଟି ଦେବା ପାଇଁ ଦାବି ହୋଇଛି ।
ନୂତନ ଭୋଟରଙ୍କୁ ମିଳିନି ଚିରକୁଟ, ନୋଟା ସମ୍ପର୍କରେ ଅଜ୍ଞ
ଗୁଡ଼ଭେଲା,୯।୪(ଡି.ଏନ.ଏ.)- ଚଳିତ ନିର୍ବାଚନ ସମୟ ପୂର୍ବରୁ ସରକାରୀ ସ୍ତରରେ ଭୋଟରମାନଙ୍କୁ ସଚେତନ କରିବା ନେଇ ଚିରକୁଟ ବଣ୍ଟନ କରାଯାଉଥିବାବେଳେ ଗୁଡ଼ଭେଲା ବ୍ଲକର ୧୨ଟି ପଞ୍ଚାୟତର ପ୍ରାୟ କୌଣସି ଗ୍ରାମରେ ନୂତନ ଭୋଟରମାନଙ୍କୁ ଚିରକୁଟ ଦିଆଯାଇ ନ ଥିବାରୁ ସାଧାରଣରେ ଅସନ୍ତୋଷ ଦେଖାଦେଇଛି । ମାର୍ଚ୍ଚ ୯ ତାରିଖ ନୂତନ ଭୋଟରଙ୍କୁ ସାମିଲ କରିବା ପାଇଁ ସ୍ୱତନ୍ତ୍ର ଭାବେ ପ୍ରତି ବୁଥରେ ଆବେଦନ ଗ୍ରହଣ କରାଯାଇଥିବା ସତ୍ତ୍ୱେ ସେମାନଙ୍କୁ ଚିରକୁଟ ଦିଆଯାଇ ନାହିଁ । ସେହିପରି ବ୍ଲକର ଭୋଟର ନୋଟା ସମ୍ପର୍କରେ ଅବଗତ କରାଯିବା ପାଇଁ ପ୍ରଶାସନିକ ସ୍ତରରେ କୌଣସି ଆଖି ଦୃଷିଆ ପଦକ୍ଷେପ ନିଆଯାଇ ନାହିଁ । ଗଣତନ୍ତ୍ରରେ ସଂସ୍କାର ପାଇଁ ନିର୍ବାଚନ କମିଶନ ଚଳିତ ନିର୍ବାଚନରେ ନୋଟା (ନନ୍ ଅଫ ଦି ଏବୋଭ) ବ୍ୟବସ୍ଥା କାର୍ଯ୍ୟକାରୀ କରିଛନ୍ତି । ଏହି ବ୍ୟବସ୍ଥାରେ ଯଦି ଭୋଟରମାନେ ନିର୍ବାଚନରେ ପ୍ରତିଦ୍ୱନ୍ଦ୍ୱିତା କରୁଥିବା ସମସ୍ତ ପ୍ରାର୍ଥୀଙ୍କୁ ଅଯୋଗ୍ୟ ବିବେଚିତ ମନେ କରନ୍ତି ତେବେ ଇଭିଏମ ଭୋଟିଂ ମେସିନରେ ସବା ତଳେ ଥିବା ନୋଟା ବଟନକୁ ଦବାଇ ମତଦାନ ଅଧିକାର ସାବ୍ୟସ୍ତ କରି ପାରିବେ । ପୂର୍ବରୁ ଭୋଟରମାନେ ପ୍ରାର୍ଥୀଙ୍କୁ ପସନ୍ଦ ନ କରି ମଧ୍ୟ ବାଧ୍ୟ ହୋଇ ମତଦାନ କରୁଥିଲେ କିମ୍ବା ଭୋଟ ଦାନରୁ ବିରତ ରହୁଥିଲେ । କାରଣ ପୂର୍ବରୁ ଏପରି ବ୍ୟବସ୍ଥା ନ ଥିଲା । ଏହାକୁ ନେଇ ଭୋଟରମାନଙ୍କ ମଧ୍ୟରେ ସଚେତନ କରିବାର କାର୍ଯ୍ୟକ୍ରମ ରହିଥିଲେ ମଧ୍ୟ ଏହି ବ୍ଲକରେ ତାହା କାଗଜ ପତ୍ରରେ ସୀମିତ ରହିଥିବା ଅଭିଯୋଗ ହୋଇଛି । ଏ ସମ୍ପର୍କରେ ବ୍ଲକ ନିର୍ବାଚନ ଅଧିକାରୀ ମହେନ୍ଦ୍ର ପ୍ରଧାନଙ୍କ କହନ୍ତି ଯେ, ଚିରକୁଟ ବଣ୍ଟନ କରିବା କଥା । ଯଦି ଭୋଟର ଚିରକୁଟ ପାଇ ନ ଥିଲେ ମଧ୍ୟ ତାଲିକାରେ ନାମ ଥିଲେ ଭୋଟ ଦେଇ ପାରିବେ । ନୋଟା ସମ୍ପର୍କରେ ଭୋଟରଙ୍କୁ ଯେତେ ସମ୍ଭବ ସଚେତନ କରାଯାଉଛି ବୋଲି କହିଥିଲେ ।
29
